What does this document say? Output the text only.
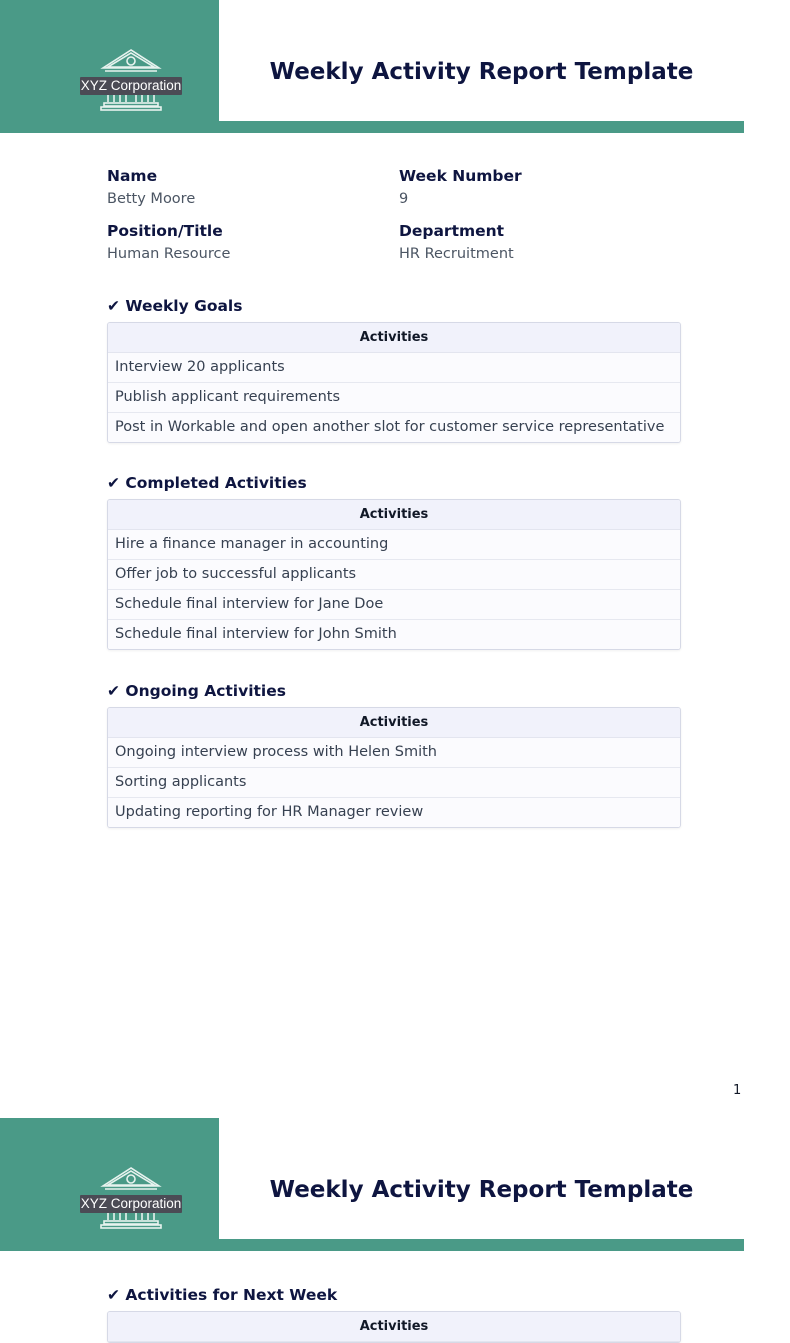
XYZ Corporation
Weekly Activity Report Template
Name
Betty Moore
Week Number
9
Position/Title
Human Resource
Department
HR Recruitment
✔ Weekly Goals
Activities
Interview 20 applicants
Publish applicant requirements
Post in Workable and open another slot for customer service representative
✔ Completed Activities
Activities
Hire a finance manager in accounting
Offer job to successful applicants
Schedule final interview for Jane Doe
Schedule final interview for John Smith
✔ Ongoing Activities
Activities
Ongoing interview process with Helen Smith
Sorting applicants
Updating reporting for HR Manager review
1
XYZ Corporation
Weekly Activity Report Template
✔ Activities for Next Week
Activities
